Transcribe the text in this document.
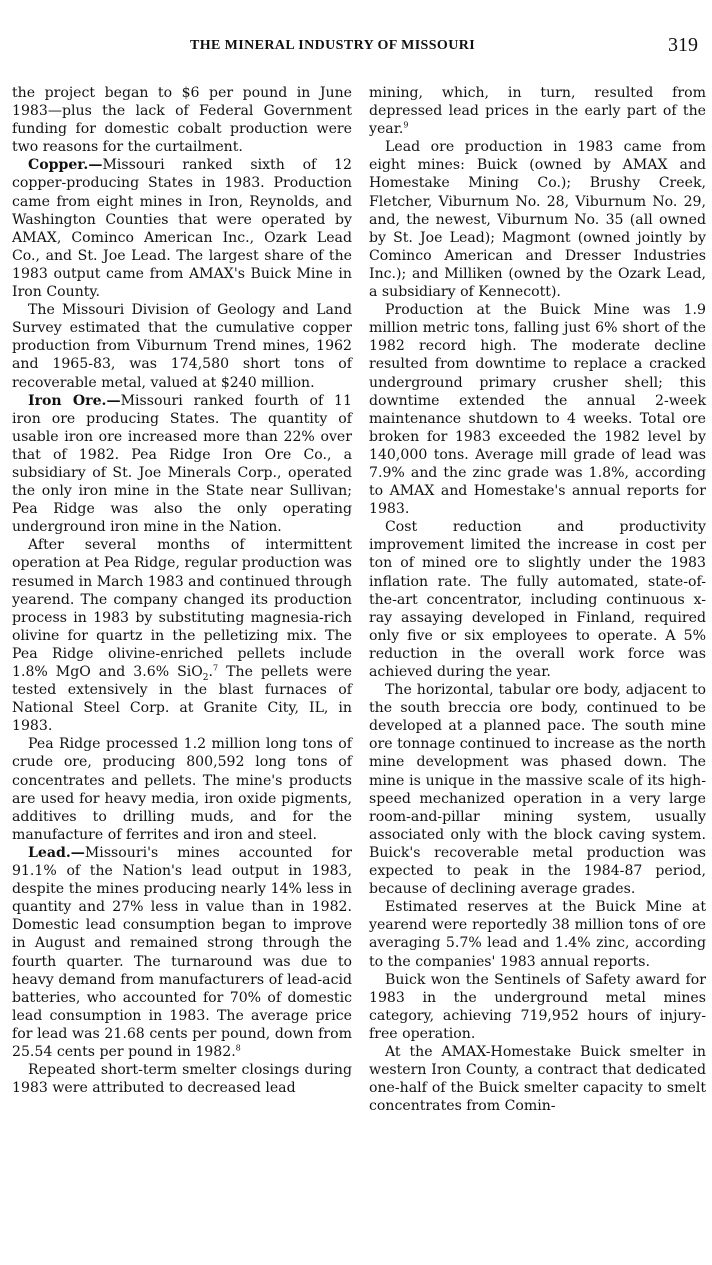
THE MINERAL INDUSTRY OF MISSOURI	319

the project began to $6 per pound in June 1983—plus the lack of Federal Government funding for domestic cobalt production were two reasons for the curtailment.

Copper.—Missouri ranked sixth of 12 copper-producing States in 1983. Production came from eight mines in Iron, Reynolds, and Washington Counties that were operated by AMAX, Cominco American Inc., Ozark Lead Co., and St. Joe Lead. The largest share of the 1983 output came from AMAX's Buick Mine in Iron County.

The Missouri Division of Geology and Land Survey estimated that the cumulative copper production from Viburnum Trend mines, 1962 and 1965-83, was 174,580 short tons of recoverable metal, valued at $240 million.

Iron Ore.—Missouri ranked fourth of 11 iron ore producing States. The quantity of usable iron ore increased more than 22% over that of 1982. Pea Ridge Iron Ore Co., a subsidiary of St. Joe Minerals Corp., operated the only iron mine in the State near Sullivan; Pea Ridge was also the only operating underground iron mine in the Nation.

After several months of intermittent operation at Pea Ridge, regular production was resumed in March 1983 and continued through yearend. The company changed its production process in 1983 by substituting magnesia-rich olivine for quartz in the pelletizing mix. The Pea Ridge olivine-enriched pellets include 1.8% MgO and 3.6% SiO$_2$.$^7$ The pellets were tested extensively in the blast furnaces of National Steel Corp. at Granite City, IL, in 1983.

Pea Ridge processed 1.2 million long tons of crude ore, producing 800,592 long tons of concentrates and pellets. The mine's products are used for heavy media, iron oxide pigments, additives to drilling muds, and for the manufacture of ferrites and iron and steel.

Lead.—Missouri's mines accounted for 91.1% of the Nation's lead output in 1983, despite the mines producing nearly 14% less in quantity and 27% less in value than in 1982. Domestic lead consumption began to improve in August and remained strong through the fourth quarter. The turnaround was due to heavy demand from manufacturers of lead-acid batteries, who accounted for 70% of domestic lead consumption in 1983. The average price for lead was 21.68 cents per pound, down from 25.54 cents per pound in 1982.$^8$

Repeated short-term smelter closings during 1983 were attributed to decreased lead

mining, which, in turn, resulted from depressed lead prices in the early part of the year.$^9$

Lead ore production in 1983 came from eight mines: Buick (owned by AMAX and Homestake Mining Co.); Brushy Creek, Fletcher, Viburnum No. 28, Viburnum No. 29, and, the newest, Viburnum No. 35 (all owned by St. Joe Lead); Magmont (owned jointly by Cominco American and Dresser Industries Inc.); and Milliken (owned by the Ozark Lead, a subsidiary of Kennecott).

Production at the Buick Mine was 1.9 million metric tons, falling just 6% short of the 1982 record high. The moderate decline resulted from downtime to replace a cracked underground primary crusher shell; this downtime extended the annual 2-week maintenance shutdown to 4 weeks. Total ore broken for 1983 exceeded the 1982 level by 140,000 tons. Average mill grade of lead was 7.9% and the zinc grade was 1.8%, according to AMAX and Homestake's annual reports for 1983.

Cost reduction and productivity improvement limited the increase in cost per ton of mined ore to slightly under the 1983 inflation rate. The fully automated, state-of-the-art concentrator, including continuous x-ray assaying developed in Finland, required only five or six employees to operate. A 5% reduction in the overall work force was achieved during the year.

The horizontal, tabular ore body, adjacent to the south breccia ore body, continued to be developed at a planned pace. The south mine ore tonnage continued to increase as the north mine development was phased down. The mine is unique in the massive scale of its high-speed mechanized operation in a very large room-and-pillar mining system, usually associated only with the block caving system. Buick's recoverable metal production was expected to peak in the 1984-87 period, because of declining average grades.

Estimated reserves at the Buick Mine at yearend were reportedly 38 million tons of ore averaging 5.7% lead and 1.4% zinc, according to the companies' 1983 annual reports.

Buick won the Sentinels of Safety award for 1983 in the underground metal mines category, achieving 719,952 hours of injury-free operation.

At the AMAX-Homestake Buick smelter in western Iron County, a contract that dedicated one-half of the Buick smelter capacity to smelt concentrates from Comin-
